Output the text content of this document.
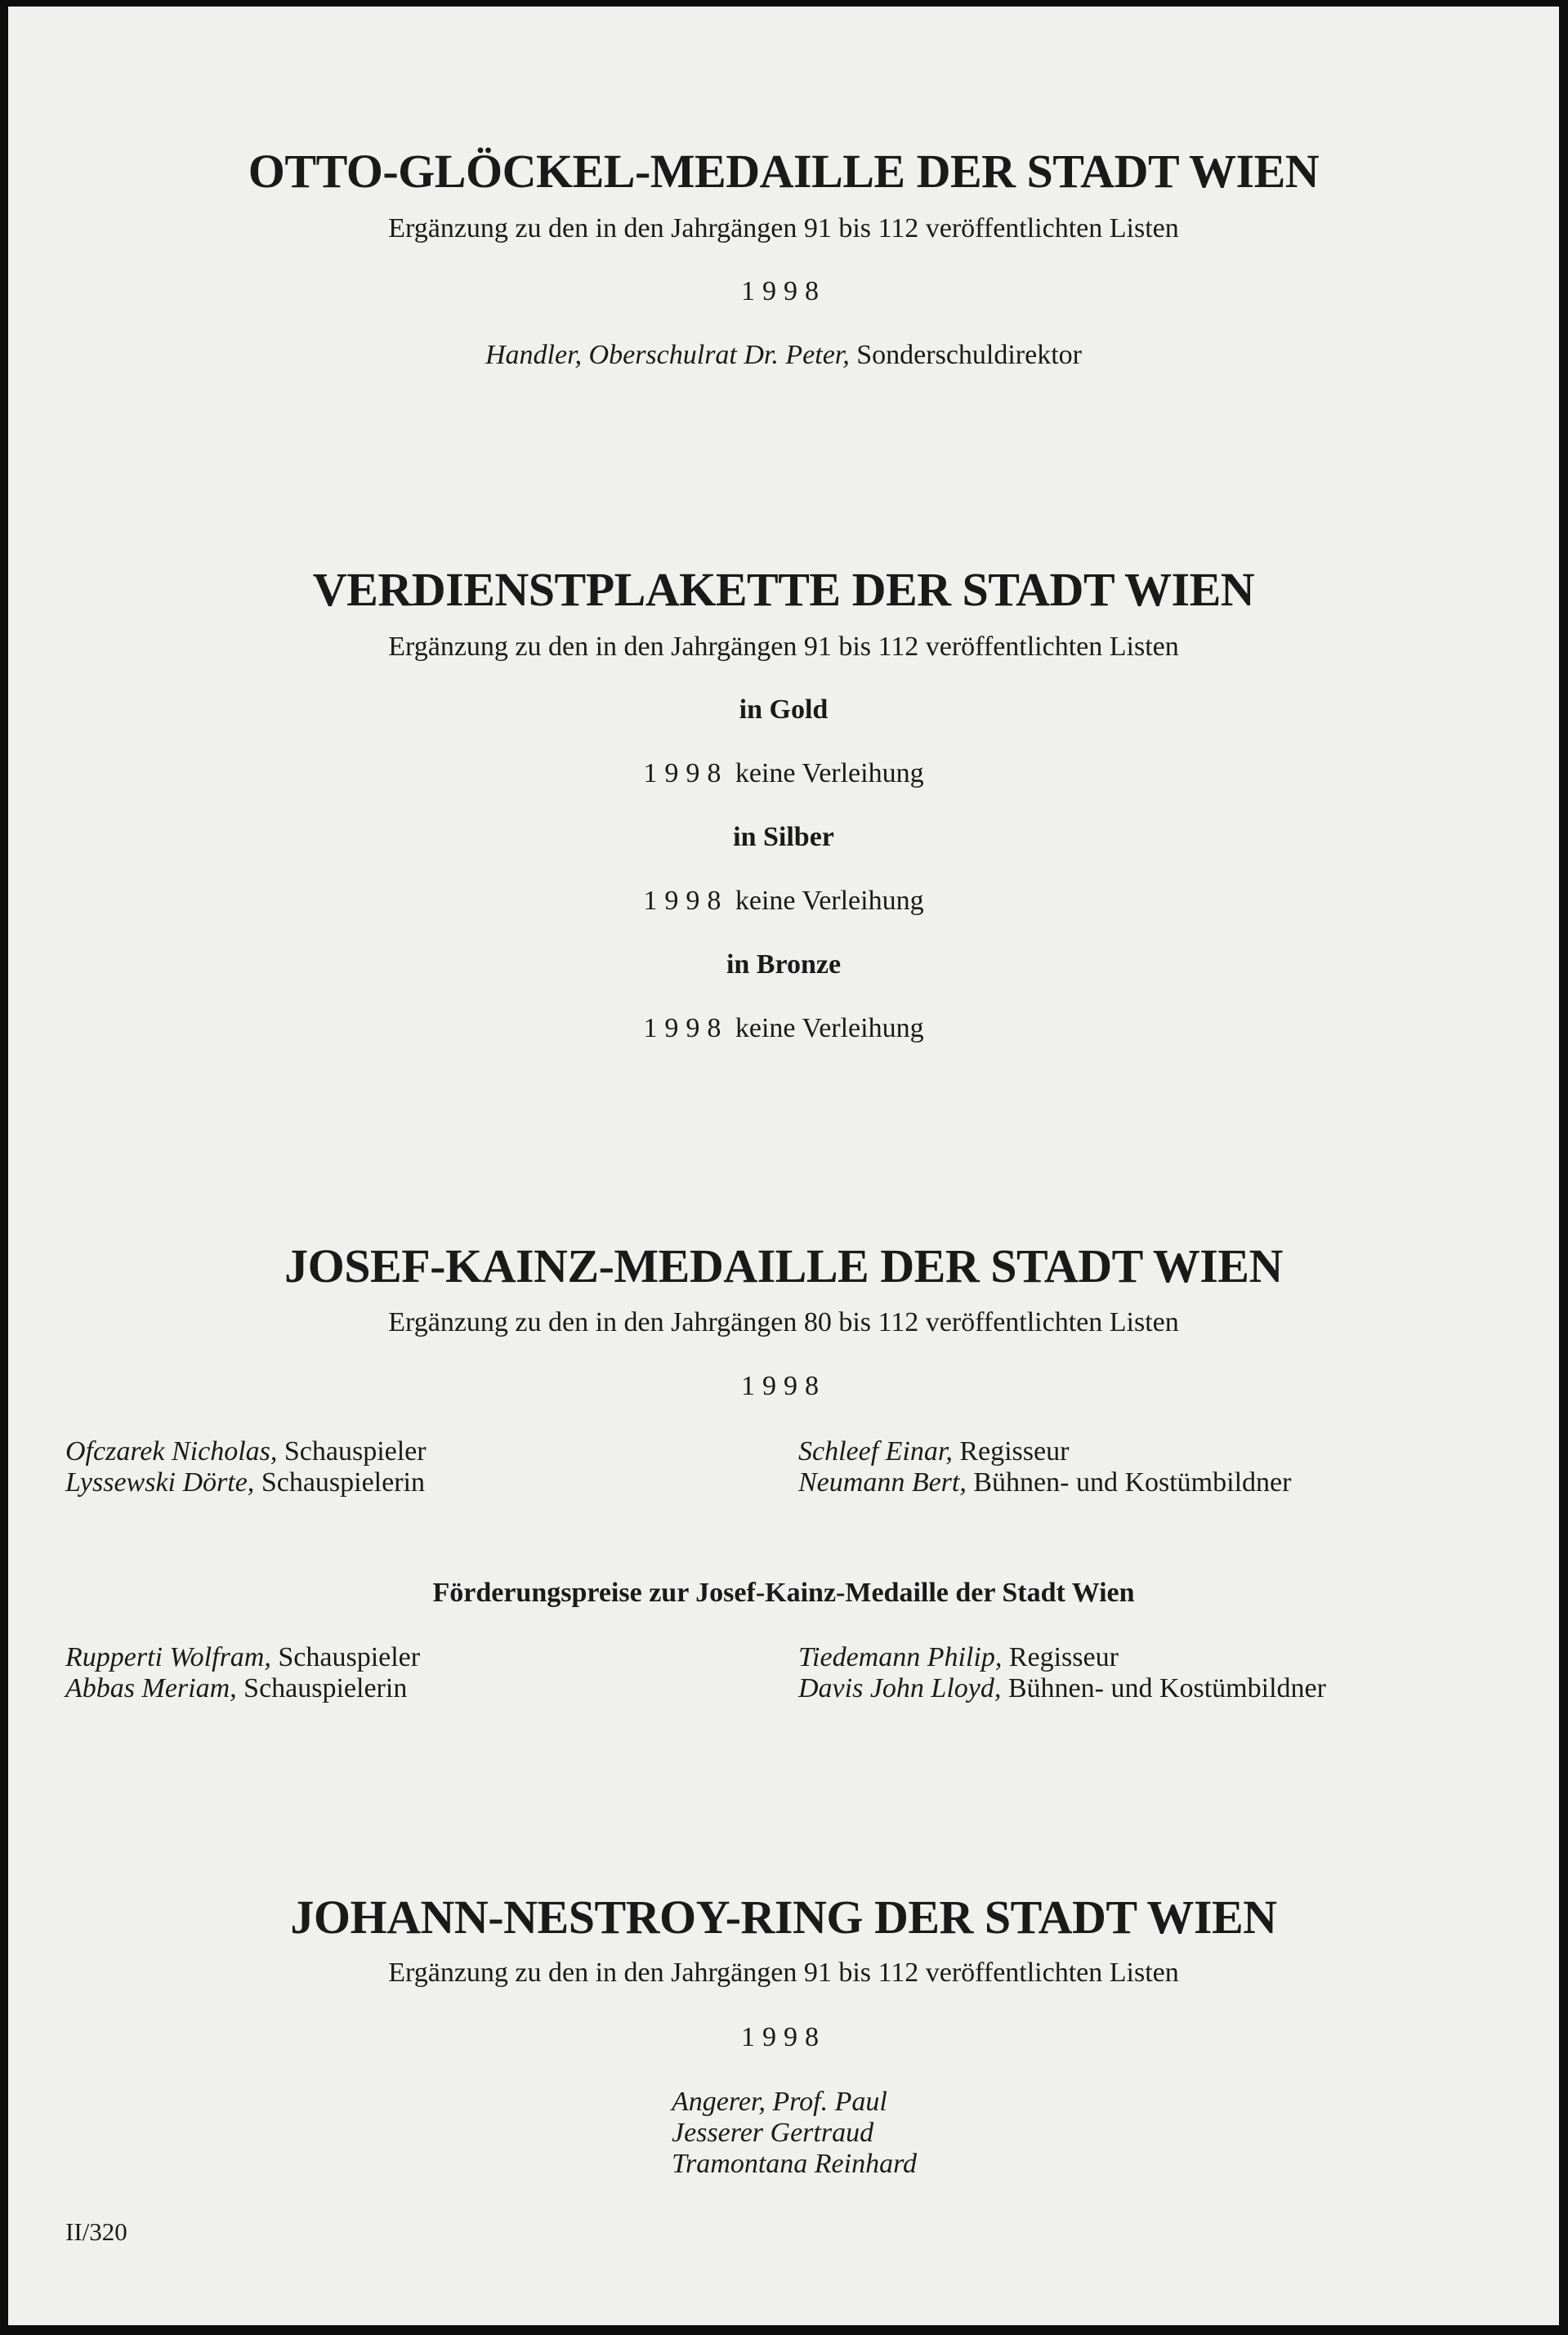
OTTO-GLÖCKEL-MEDAILLE DER STADT WIEN
Ergänzung zu den in den Jahrgängen 91 bis 112 veröffentlichten Listen
1998
Handler, Oberschulrat Dr. Peter, Sonderschuldirektor
VERDIENSTPLAKETTE DER STADT WIEN
Ergänzung zu den in den Jahrgängen 91 bis 112 veröffentlichten Listen
in Gold
1998 keine Verleihung
in Silber
1998 keine Verleihung
in Bronze
1998 keine Verleihung
JOSEF-KAINZ-MEDAILLE DER STADT WIEN
Ergänzung zu den in den Jahrgängen 80 bis 112 veröffentlichten Listen
1998
Ofczarek Nicholas, Schauspieler
Lyssewski Dörte, Schauspielerin
Schleef Einar, Regisseur
Neumann Bert, Bühnen- und Kostümbildner
Förderungspreise zur Josef-Kainz-Medaille der Stadt Wien
Rupperti Wolfram, Schauspieler
Abbas Meriam, Schauspielerin
Tiedemann Philip, Regisseur
Davis John Lloyd, Bühnen- und Kostümbildner
JOHANN-NESTROY-RING DER STADT WIEN
Ergänzung zu den in den Jahrgängen 91 bis 112 veröffentlichten Listen
1998
Angerer, Prof. Paul
Jesserer Gertraud
Tramontana Reinhard
II/320
